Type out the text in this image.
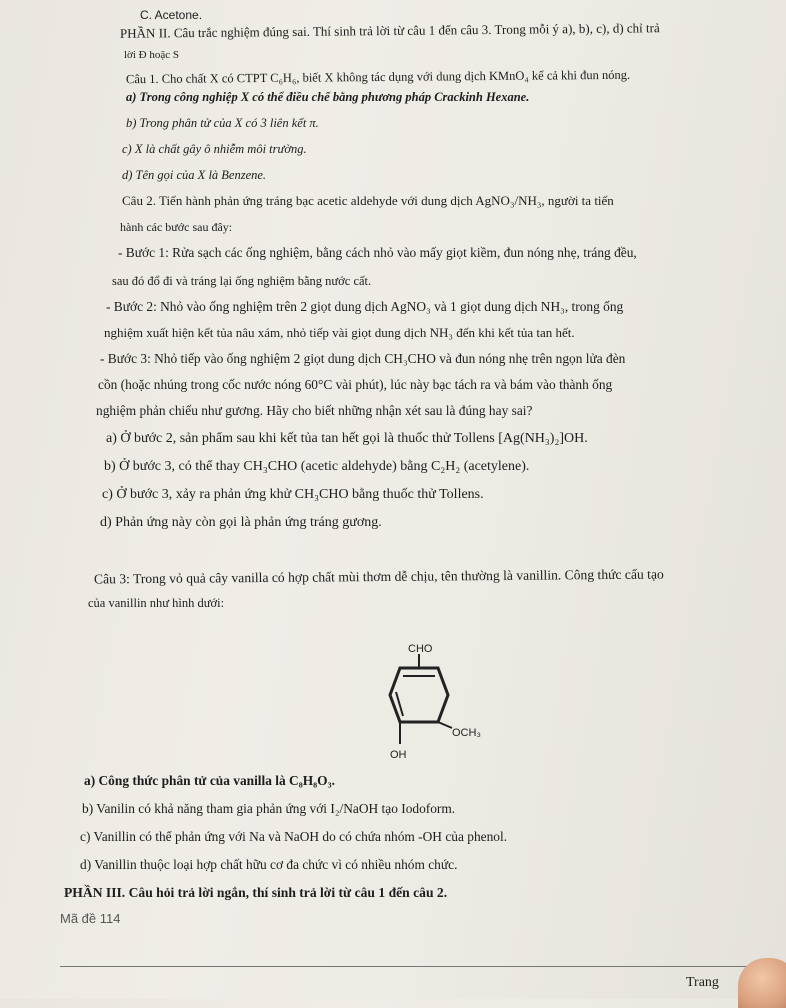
C. Acetone.
PHẦN II. Câu trắc nghiệm đúng sai. Thí sinh trả lời từ câu 1 đến câu 3. Trong mỗi ý a), b), c), d) chỉ trả
lời Đ hoặc S
Câu 1. Cho chất X có CTPT C₆H₆, biết X không tác dụng với dung dịch KMnO₄ kể cả khi đun nóng.
a) Trong công nghiệp X có thể điều chế bằng phương pháp Crackinh Hexane.
b) Trong phân tử của X có 3 liên kết π.
c) X là chất gây ô nhiễm môi trường.
d) Tên gọi của X là Benzene.
Câu 2. Tiến hành phản ứng tráng bạc acetic aldehyde với dung dịch AgNO₃/NH₃, người ta tiến
hành các bước sau đây:
- Bước 1: Rửa sạch các ống nghiệm, bằng cách nhỏ vào mấy giọt kiềm, đun nóng nhẹ, tráng đều,
sau đó đổ đi và tráng lại ống nghiệm bằng nước cất.
- Bước 2: Nhỏ vào ống nghiệm trên 2 giọt dung dịch AgNO₃ và 1 giọt dung dịch NH₃, trong ống
nghiệm xuất hiện kết tủa nâu xám, nhỏ tiếp vài giọt dung dịch NH₃ đến khi kết tủa tan hết.
- Bước 3: Nhỏ tiếp vào ống nghiệm 2 giọt dung dịch CH₃CHO và đun nóng nhẹ trên ngọn lửa đèn
cồn (hoặc nhúng trong cốc nước nóng 60°C vài phút), lúc này bạc tách ra và bám vào thành ống
nghiệm phản chiếu như gương. Hãy cho biết những nhận xét sau là đúng hay sai?
a) Ở bước 2, sản phẩm sau khi kết tủa tan hết gọi là thuốc thử Tollens [Ag(NH₃)₂]OH.
b) Ở bước 3, có thể thay CH₃CHO (acetic aldehyde) bằng C₂H₂ (acetylene).
c) Ở bước 3, xảy ra phản ứng khử CH₃CHO bằng thuốc thử Tollens.
d) Phản ứng này còn gọi là phản ứng tráng gương.
Câu 3: Trong vỏ quả cây vanilla có hợp chất mùi thơm dễ chịu, tên thường là vanillin. Công thức cấu tạo
của vanillin như hình dưới:
CHO
OCH₃
OH
a) Công thức phân tử của vanilla là C₈H₈O₃.
b) Vanilin có khả năng tham gia phản ứng với I₂/NaOH tạo Iodoform.
c) Vanillin có thể phản ứng với Na và NaOH do có chứa nhóm -OH của phenol.
d) Vanillin thuộc loại hợp chất hữu cơ đa chức vì có nhiều nhóm chức.
PHẦN III. Câu hỏi trả lời ngắn, thí sinh trả lời từ câu 1 đến câu 2.
Mã đề 114
Trang
